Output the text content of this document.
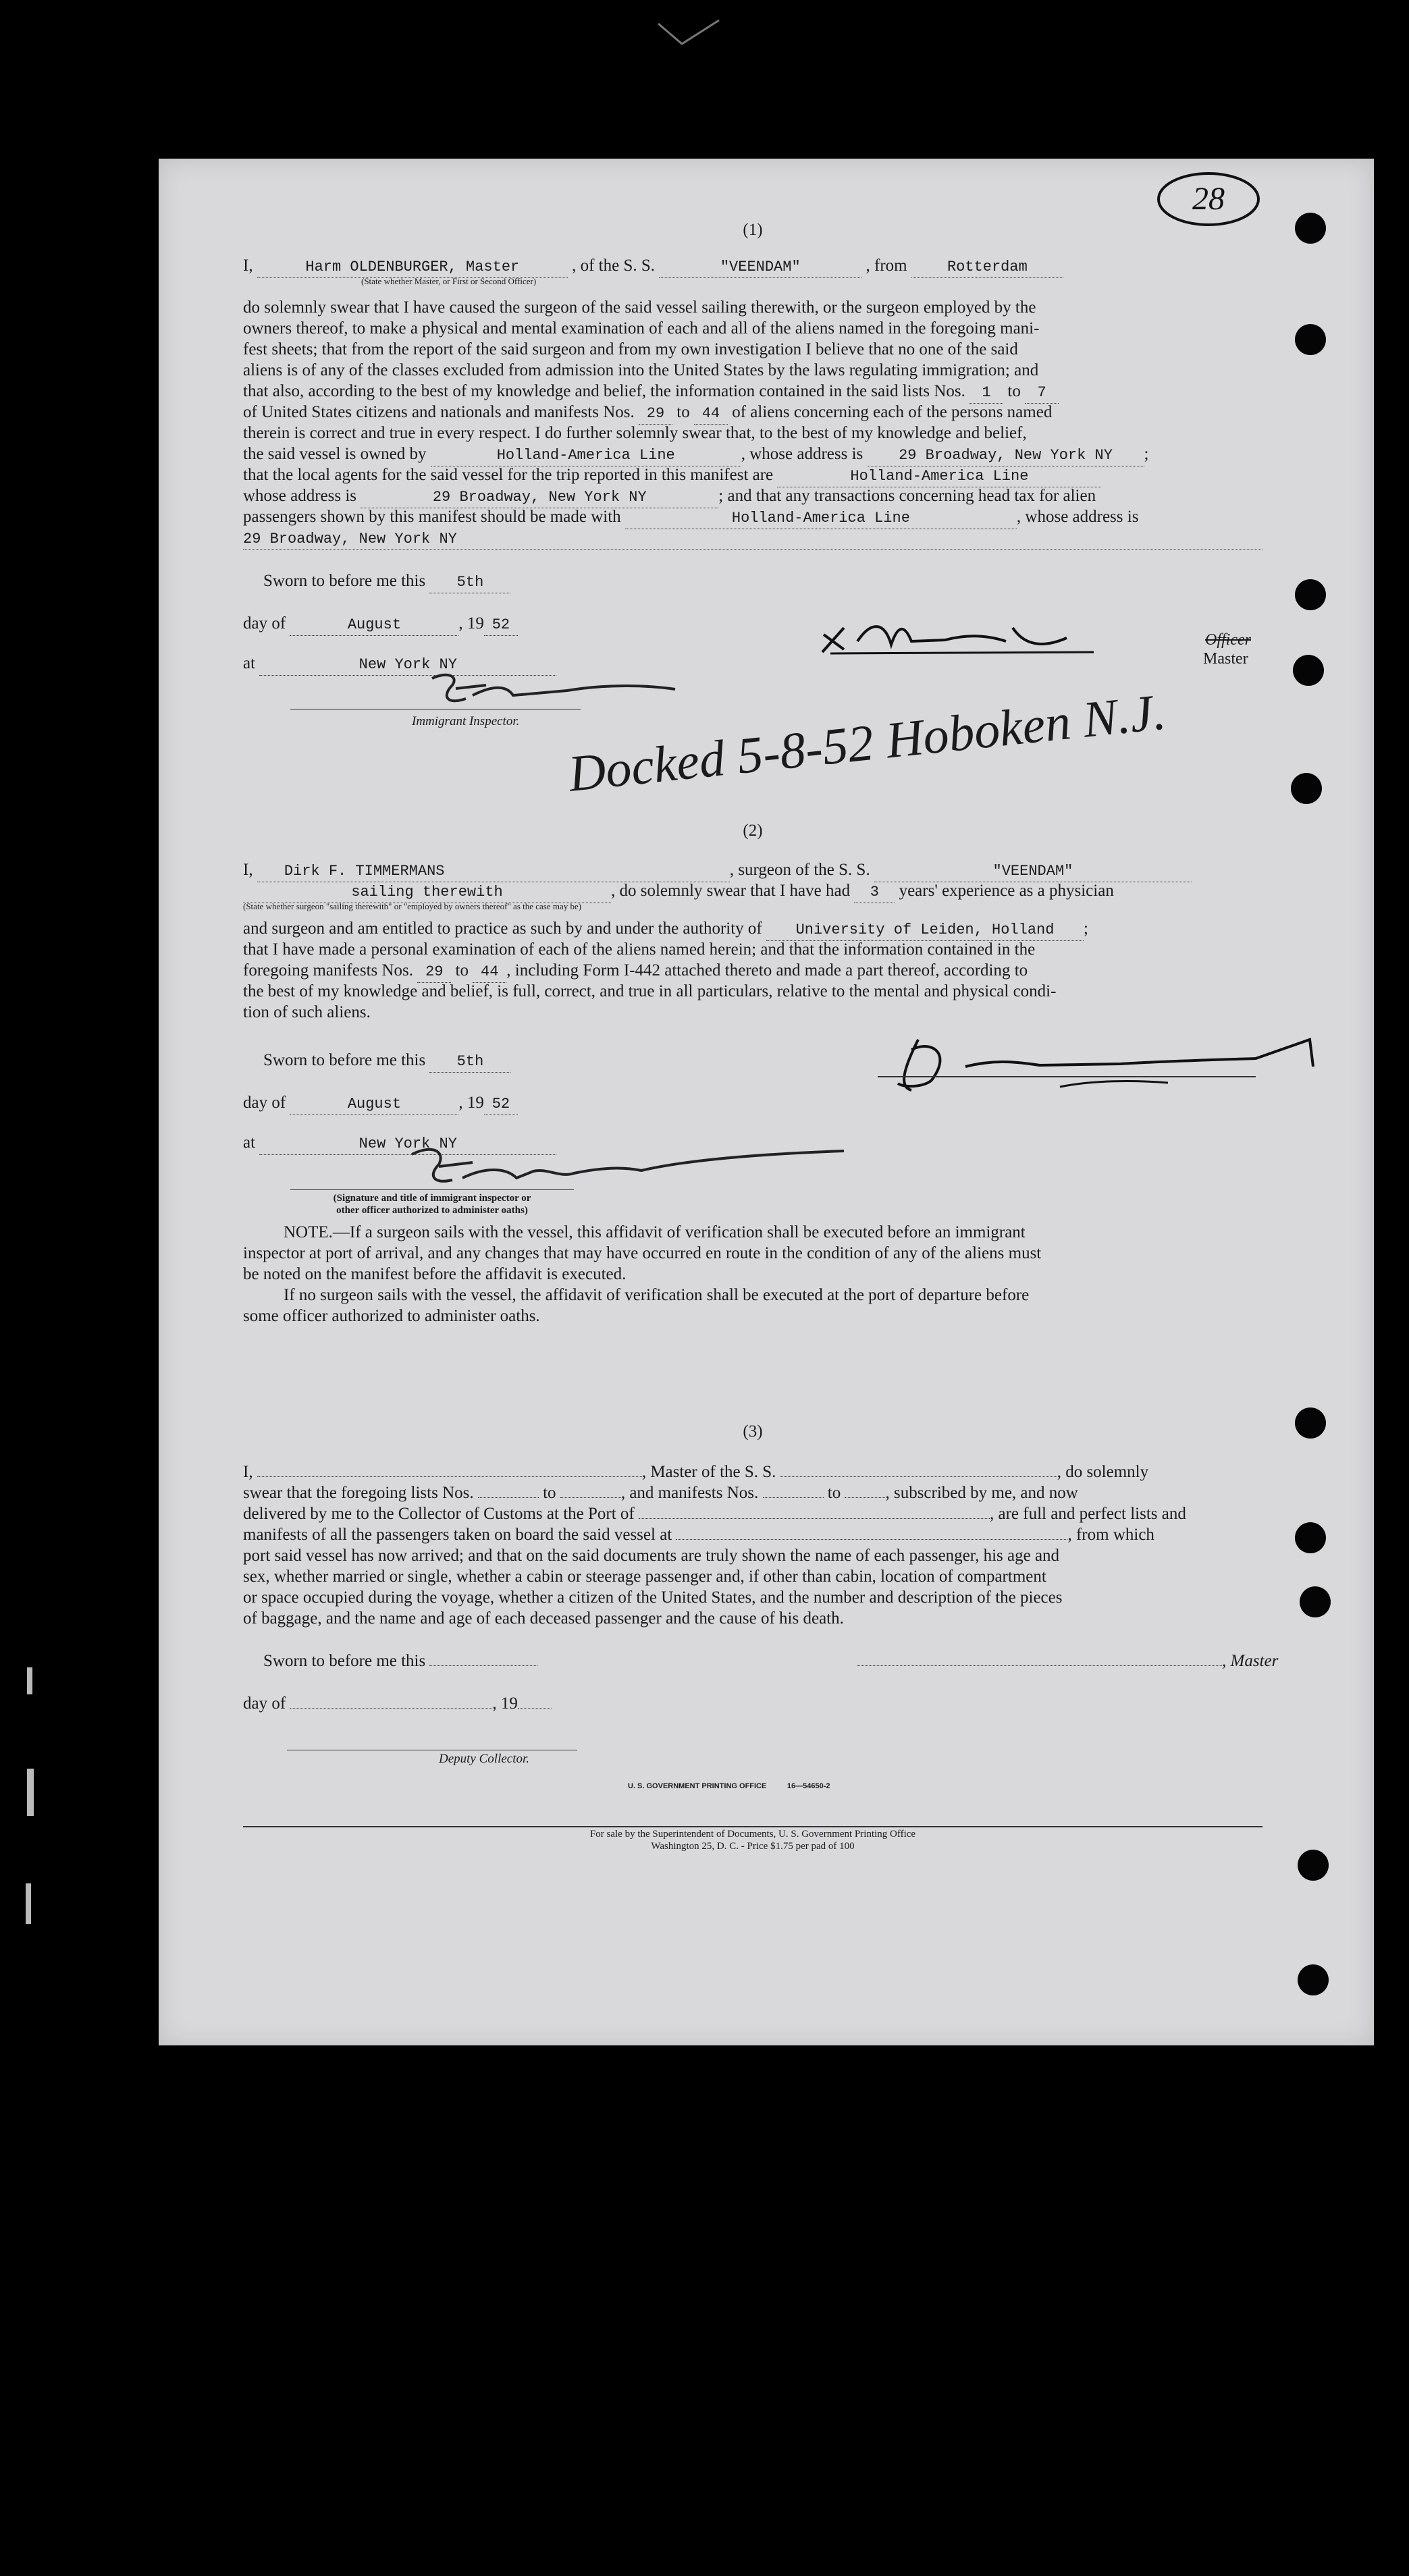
28
(1)
I,	Harm OLDENBURGER, Master	, of the S. S.	"VEENDAM"	, from	Rotterdam
(State whether Master, or First or Second Officer)
do solemnly swear that I have caused the surgeon of the said vessel sailing therewith, or the surgeon employed by the
owners thereof, to make a physical and mental examination of each and all of the aliens named in the foregoing mani-
fest sheets; that from the report of the said surgeon and from my own investigation I believe that no one of the said
aliens is of any of the classes excluded from admission into the United States by the laws regulating immigration; and
that also, according to the best of my knowledge and belief, the information contained in the said lists Nos. 1 to 7
of United States citizens and nationals and manifests Nos. 29 to 44 of aliens concerning each of the persons named
therein is correct and true in every respect. I do further solemnly swear that, to the best of my knowledge and belief,
the said vessel is owned by	Holland-America Line	, whose address is 29 Broadway, New York NY ;
that the local agents for the said vessel for the trip reported in this manifest are	Holland-America Line
whose address is	29 Broadway, New York NY	; and that any transactions concerning head tax for alien
passengers shown by this manifest should be made with	Holland-America Line	, whose address is
29 Broadway, New York NY
Sworn to before me this 5th
day of	August	, 19 52
at	New York NY
Officer
Master
Immigrant Inspector. Docked 5-8-52 Hoboken N.J.
(2)
I, Dirk F. TIMMERMANS	, surgeon of the S. S.	"VEENDAM"
sailing therewith	, do solemnly swear that I have had 3 years' experience as a physician
(State whether surgeon "sailing therewith" or "employed by owners thereof" as the case may be)
and surgeon and am entitled to practice as such by and under the authority of University of Leiden, Holland ;
that I have made a personal examination of each of the aliens named herein; and that the information contained in the
foregoing manifests Nos. 29 to 44 , including Form I-442 attached thereto and made a part thereof, according to
the best of my knowledge and belief, is full, correct, and true in all particulars, relative to the mental and physical condi-
tion of such aliens.
Sworn to before me this 5th
day of	August	, 19 52
at	New York NY
(Signature and title of immigrant inspector or
other officer authorized to administer oaths)
NOTE.—If a surgeon sails with the vessel, this affidavit of verification shall be executed before an immigrant
inspector at port of arrival, and any changes that may have occurred en route in the condition of any of the aliens must
be noted on the manifest before the affidavit is executed.
If no surgeon sails with the vessel, the affidavit of verification shall be executed at the port of departure before
some officer authorized to administer oaths.
(3)
I,	, Master of the S. S.	, do solemnly
swear that the foregoing lists Nos.	to	, and manifests Nos.	to	, subscribed by me, and now
delivered by me to the Collector of Customs at the Port of	, are full and perfect lists and
manifests of all the passengers taken on board the said vessel at	, from which
port said vessel has now arrived; and that on the said documents are truly shown the name of each passenger, his age and
sex, whether married or single, whether a cabin or steerage passenger and, if other than cabin, location of compartment
or space occupied during the voyage, whether a citizen of the United States, and the number and description of the pieces
of baggage, and the name and age of each deceased passenger and the cause of his death.
Sworn to before me this	, Master
day of	, 19
Deputy Collector.
U. S. GOVERNMENT PRINTING OFFICE          16—54650-2
For sale by the Superintendent of Documents, U. S. Government Printing Office
Washington 25, D. C. - Price $1.75 per pad of 100
